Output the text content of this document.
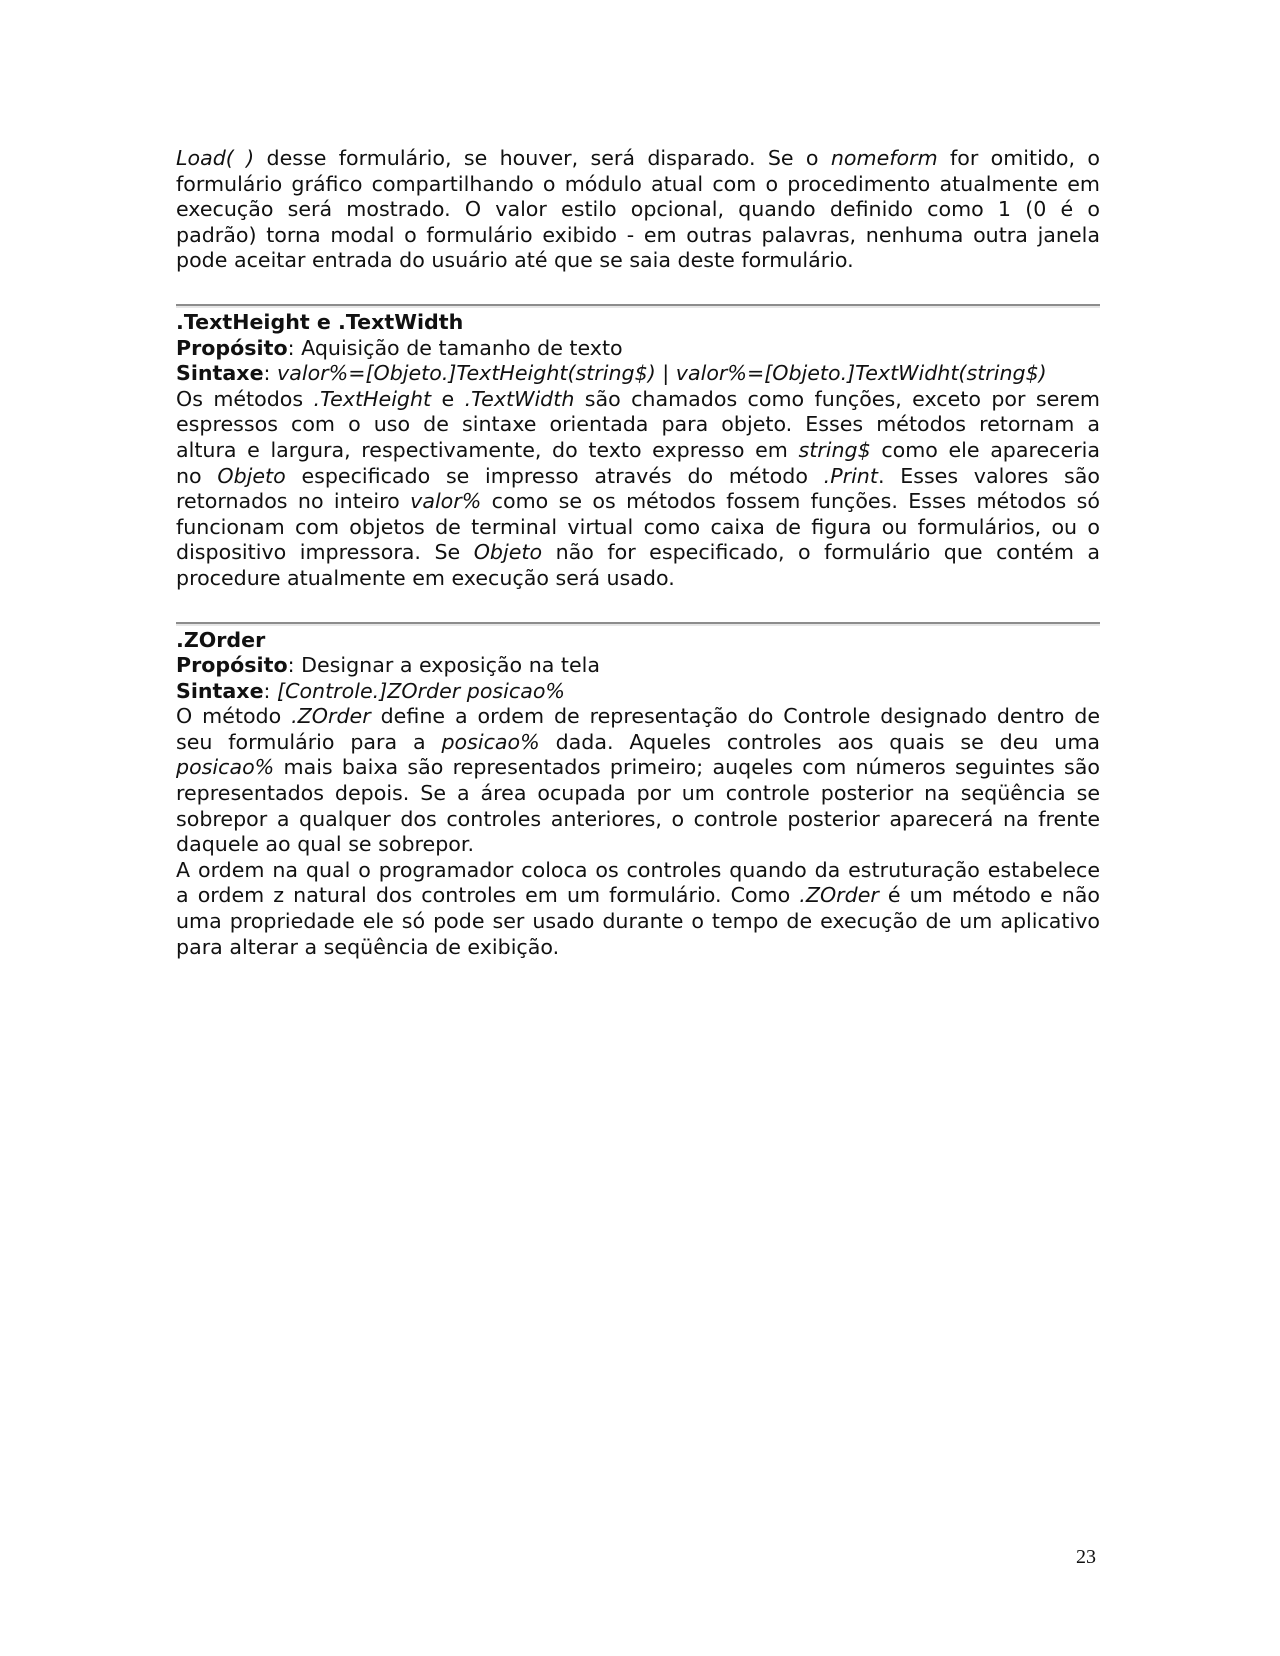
Load( ) desse formulário, se houver, será disparado. Se o nomeform for omitido, o
formulário gráfico compartilhando o módulo atual com o procedimento atualmente em
execução será mostrado. O valor estilo opcional, quando definido como 1 (0 é o
padrão) torna modal o formulário exibido - em outras palavras, nenhuma outra janela
pode aceitar entrada do usuário até que se saia deste formulário.
.TextHeight e .TextWidth
Propósito: Aquisição de tamanho de texto
Sintaxe: valor%=[Objeto.]TextHeight(string$) | valor%=[Objeto.]TextWidht(string$)
Os métodos .TextHeight e .TextWidth são chamados como funções, exceto por serem
espressos com o uso de sintaxe orientada para objeto. Esses métodos retornam a
altura e largura, respectivamente, do texto expresso em string$ como ele apareceria
no Objeto especificado se impresso através do método .Print. Esses valores são
retornados no inteiro valor% como se os métodos fossem funções. Esses métodos só
funcionam com objetos de terminal virtual como caixa de figura ou formulários, ou o
dispositivo impressora. Se Objeto não for especificado, o formulário que contém a
procedure atualmente em execução será usado.
.ZOrder
Propósito: Designar a exposição na tela
Sintaxe: [Controle.]ZOrder posicao%
O método .ZOrder define a ordem de representação do Controle designado dentro de
seu formulário para a posicao% dada. Aqueles controles aos quais se deu uma
posicao% mais baixa são representados primeiro; auqeles com números seguintes são
representados depois. Se a área ocupada por um controle posterior na seqüência se
sobrepor a qualquer dos controles anteriores, o controle posterior aparecerá na frente
daquele ao qual se sobrepor.
A ordem na qual o programador coloca os controles quando da estruturação estabelece
a ordem z natural dos controles em um formulário. Como .ZOrder é um método e não
uma propriedade ele só pode ser usado durante o tempo de execução de um aplicativo
para alterar a seqüência de exibição.
23
